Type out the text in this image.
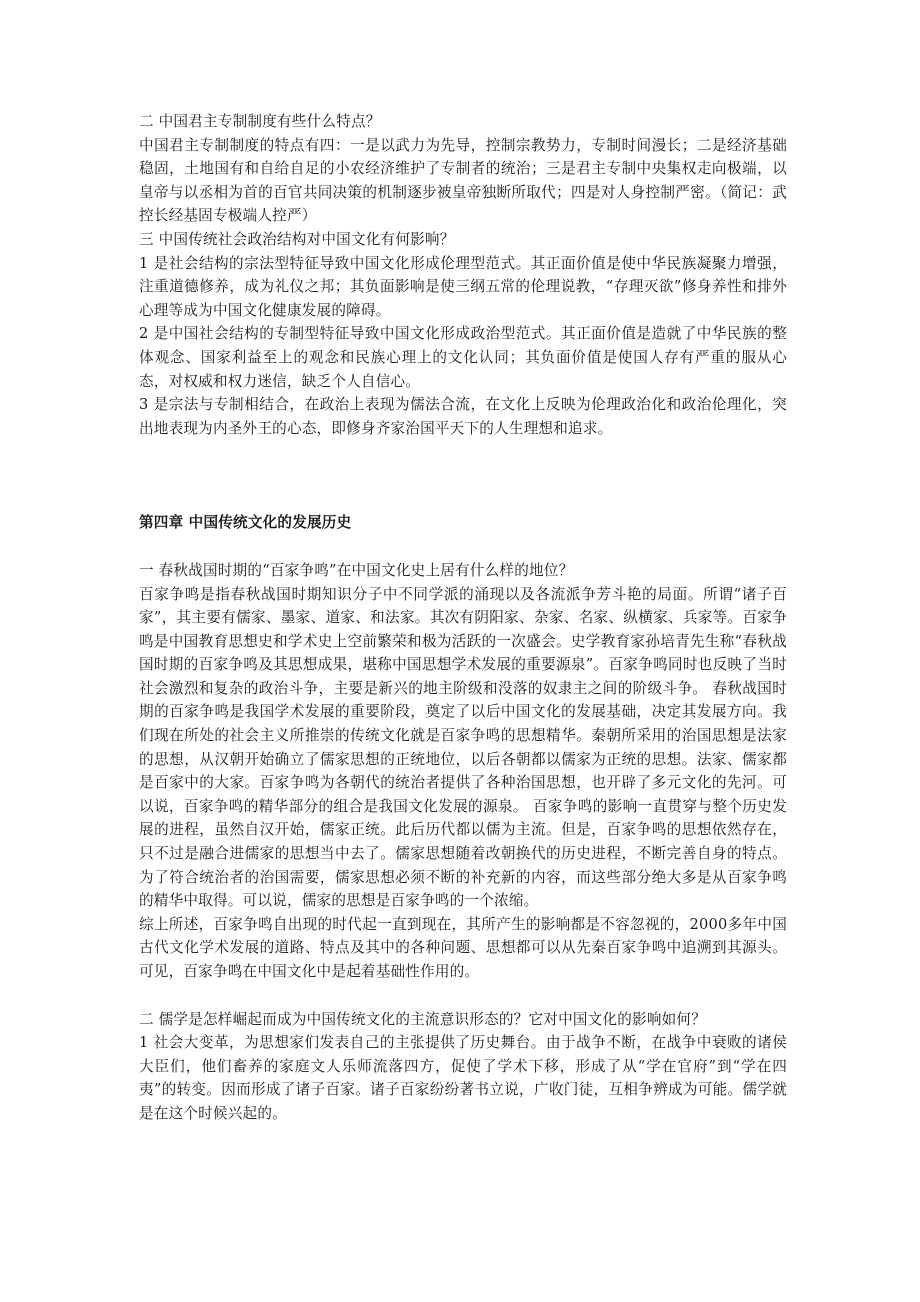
二 中国君主专制制度有些什么特点？

中国君主专制制度的特点有四：一是以武力为先导，控制宗教势力，专制时间漫长；二是经济基础稳固，土地国有和自给自足的小农经济维护了专制者的统治；三是君主专制中央集权走向极端，以皇帝与以丞相为首的百官共同决策的机制逐步被皇帝独断所取代；四是对人身控制严密。（简记：武控长经基固专极端人控严）

三 中国传统社会政治结构对中国文化有何影响？

1 是社会结构的宗法型特征导致中国文化形成伦理型范式。其正面价值是使中华民族凝聚力增强，注重道德修养，成为礼仪之邦；其负面影响是使三纲五常的伦理说教，“存理灭欲”修身养性和排外心理等成为中国文化健康发展的障碍。

2 是中国社会结构的专制型特征导致中国文化形成政治型范式。其正面价值是造就了中华民族的整体观念、国家利益至上的观念和民族心理上的文化认同；其负面价值是使国人存有严重的服从心态，对权威和权力迷信，缺乏个人自信心。

3 是宗法与专制相结合，在政治上表现为儒法合流，在文化上反映为伦理政治化和政治伦理化，突出地表现为内圣外王的心态，即修身齐家治国平天下的人生理想和追求。

第四章 中国传统文化的发展历史

一 春秋战国时期的“百家争鸣”在中国文化史上居有什么样的地位？

百家争鸣是指春秋战国时期知识分子中不同学派的涌现以及各流派争芳斗艳的局面。所谓“诸子百家”，其主要有儒家、墨家、道家、和法家。其次有阴阳家、杂家、名家、纵横家、兵家等。百家争鸣是中国教育思想史和学术史上空前繁荣和极为活跃的一次盛会。史学教育家孙培青先生称“春秋战国时期的百家争鸣及其思想成果，堪称中国思想学术发展的重要源泉”。百家争鸣同时也反映了当时社会激烈和复杂的政治斗争，主要是新兴的地主阶级和没落的奴隶主之间的阶级斗争。 春秋战国时期的百家争鸣是我国学术发展的重要阶段，奠定了以后中国文化的发展基础，决定其发展方向。我们现在所处的社会主义所推崇的传统文化就是百家争鸣的思想精华。秦朝所采用的治国思想是法家的思想，从汉朝开始确立了儒家思想的正统地位，以后各朝都以儒家为正统的思想。法家、儒家都是百家中的大家。百家争鸣为各朝代的统治者提供了各种治国思想，也开辟了多元文化的先河。可以说，百家争鸣的精华部分的组合是我国文化发展的源泉。 百家争鸣的影响一直贯穿与整个历史发展的进程，虽然自汉开始，儒家正统。此后历代都以儒为主流。但是，百家争鸣的思想依然存在，只不过是融合进儒家的思想当中去了。儒家思想随着改朝换代的历史进程，不断完善自身的特点。为了符合统治者的治国需要，儒家思想必须不断的补充新的内容，而这些部分绝大多是从百家争鸣的精华中取得。可以说，儒家的思想是百家争鸣的一个浓缩。

综上所述，百家争鸣自出现的时代起一直到现在，其所产生的影响都是不容忽视的，2000多年中国古代文化学术发展的道路、特点及其中的各种问题、思想都可以从先秦百家争鸣中追溯到其源头。可见，百家争鸣在中国文化中是起着基础性作用的。

二 儒学是怎样崛起而成为中国传统文化的主流意识形态的？它对中国文化的影响如何？

1 社会大变革，为思想家们发表自己的主张提供了历史舞台。由于战争不断，在战争中衰败的诸侯大臣们，他们畜养的家庭文人乐师流落四方，促使了学术下移，形成了从“学在官府”到“学在四夷”的转变。因而形成了诸子百家。诸子百家纷纷著书立说，广收门徒，互相争辨成为可能。儒学就是在这个时候兴起的。
